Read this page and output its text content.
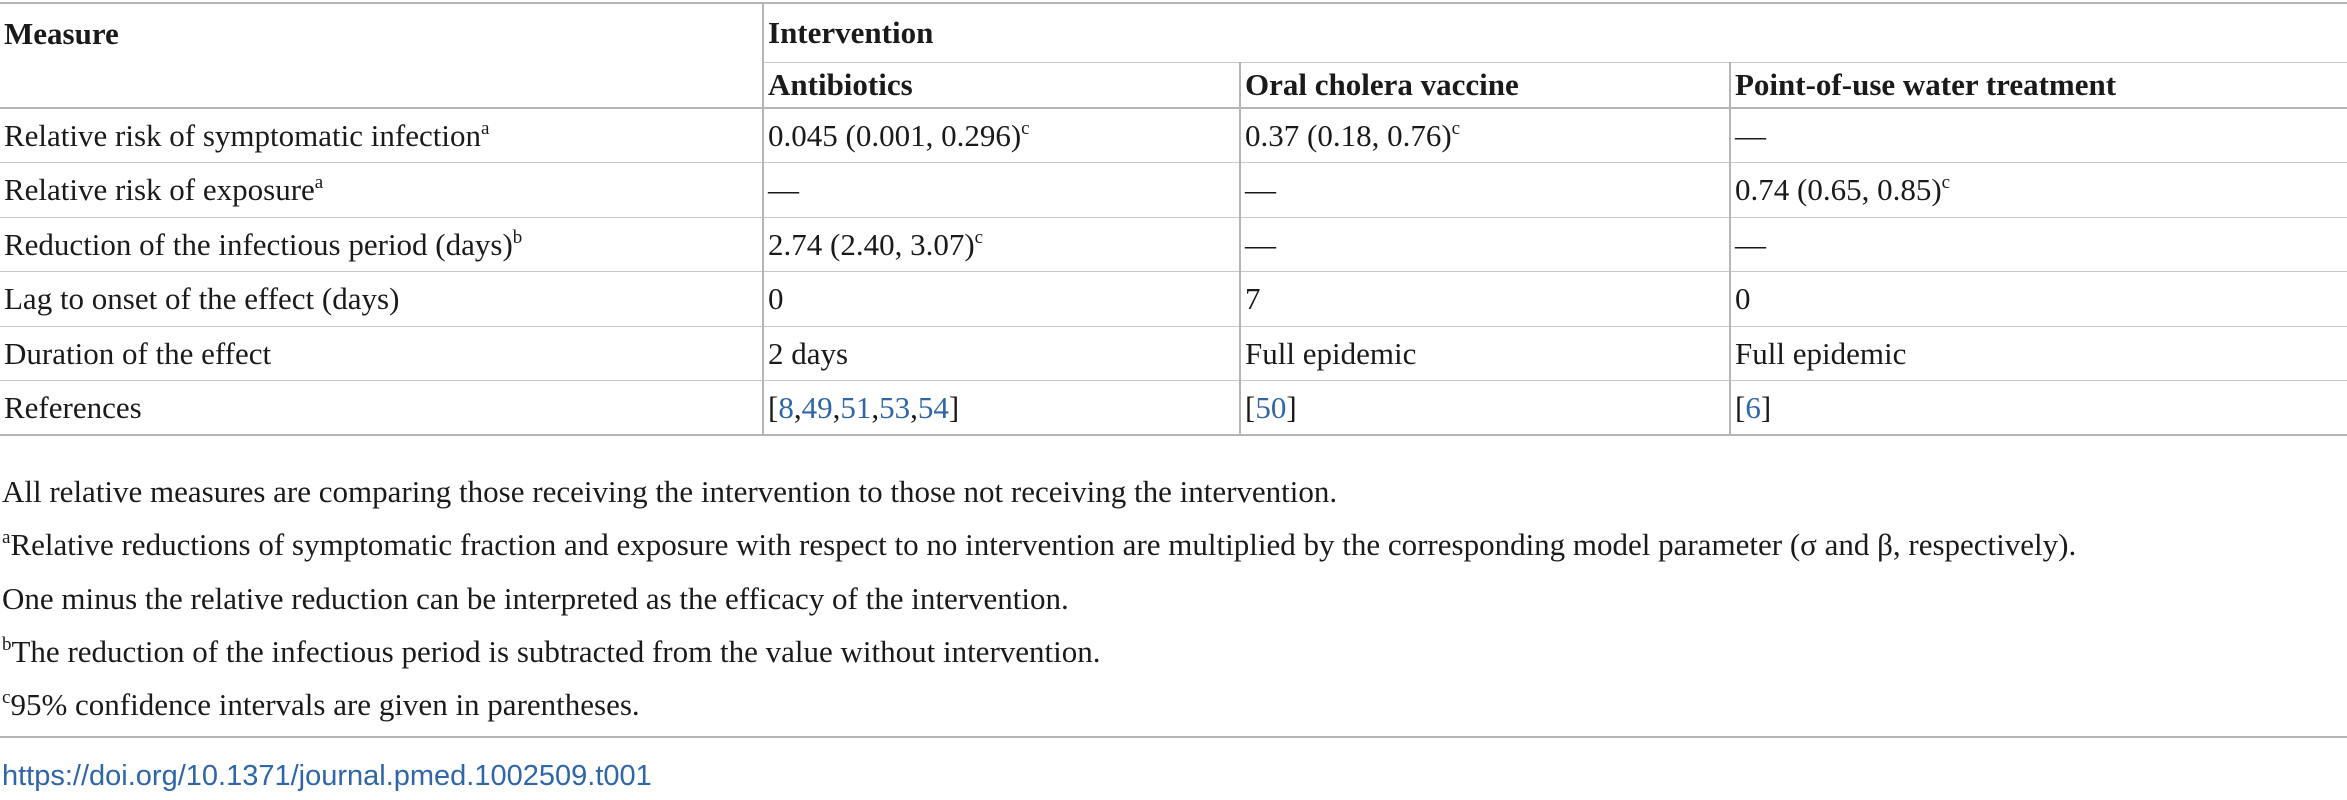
Measure	Intervention		
	Antibiotics	Oral cholera vaccine	Point-of-use water treatment
Relative risk of symptomatic infection$^a$	0.045 (0.001, 0.296)$^c$	0.37 (0.18, 0.76)$^c$	—
Relative risk of exposure$^a$	—	—	0.74 (0.65, 0.85)$^c$
Reduction of the infectious period (days)$^b$	2.74 (2.40, 3.07)$^c$	—	—
Lag to onset of the effect (days)	0	7	0
Duration of the effect	2 days	Full epidemic	Full epidemic
References	[8,49,51,53,54]	[50]	[6]
All relative measures are comparing those receiving the intervention to those not receiving the intervention.
$^a$Relative reductions of symptomatic fraction and exposure with respect to no intervention are multiplied by the corresponding model parameter (σ and β, respectively).
One minus the relative reduction can be interpreted as the efficacy of the intervention.
$^b$The reduction of the infectious period is subtracted from the value without intervention.
$^c$95% confidence intervals are given in parentheses.
https://doi.org/10.1371/journal.pmed.1002509.t001
